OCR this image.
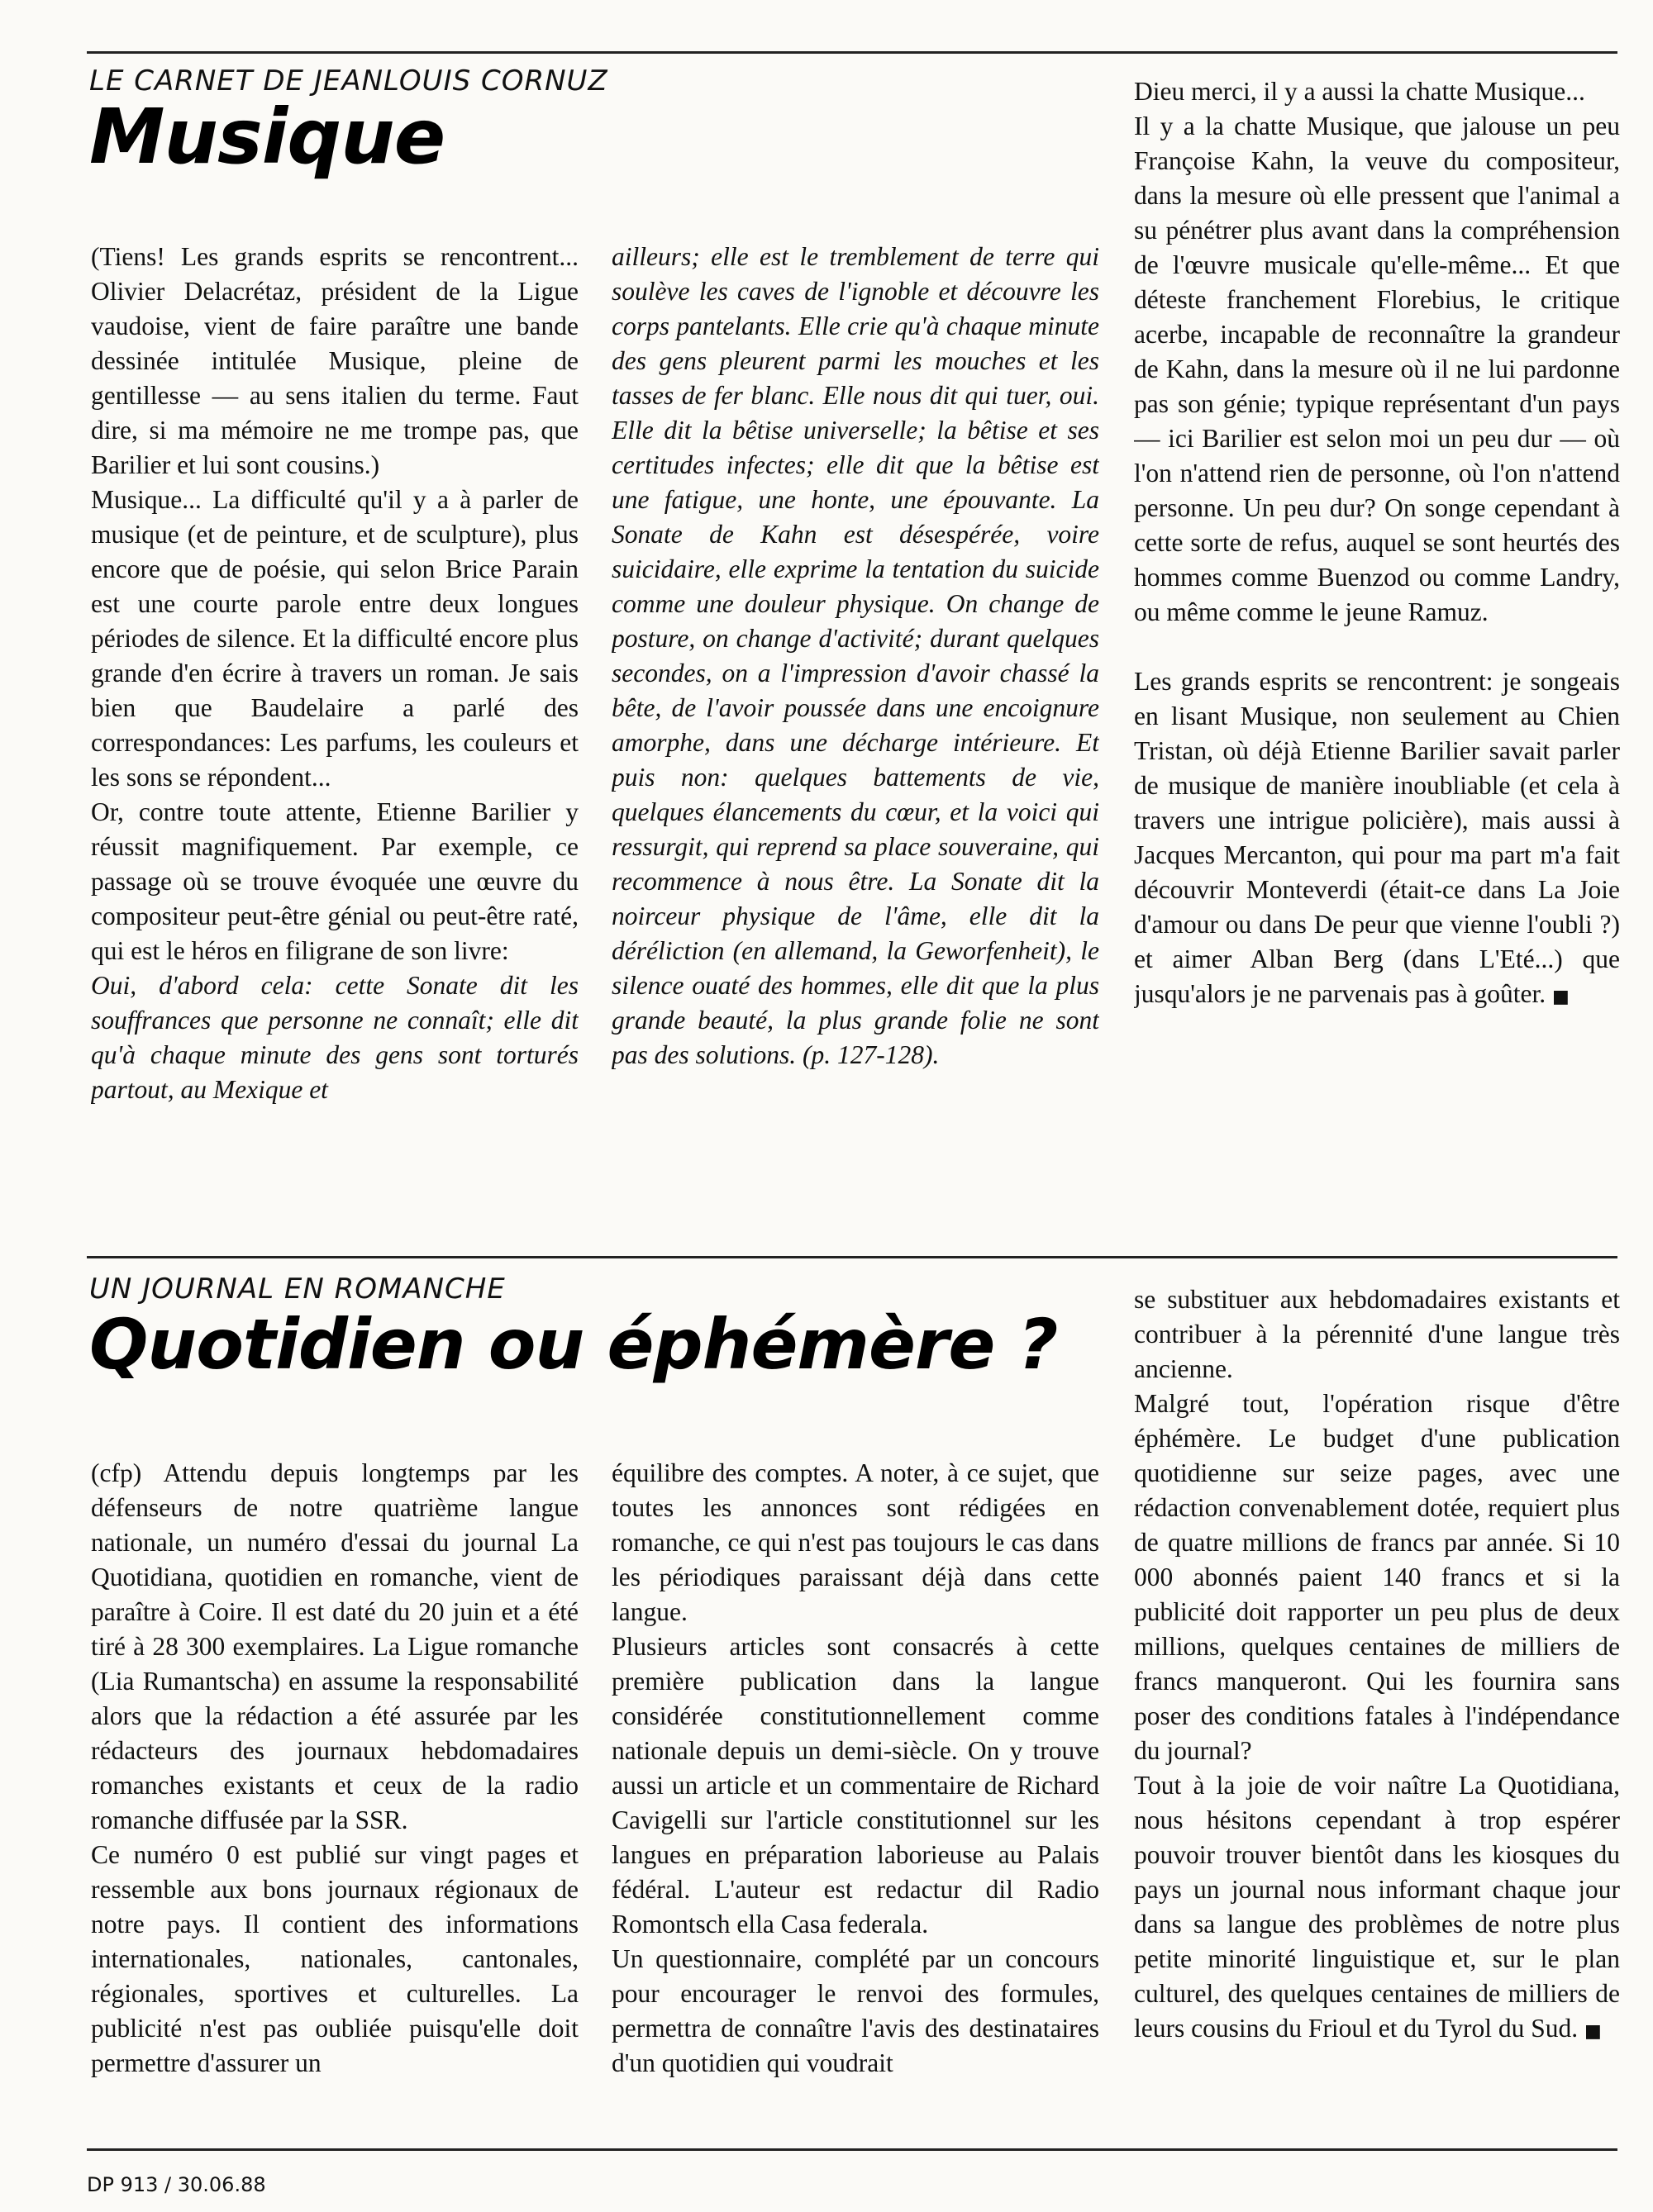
LE CARNET DE JEANLOUIS CORNUZ
Musique

(Tiens! Les grands esprits se rencontrent... Olivier Delacrétaz, président de la Ligue vaudoise, vient de faire paraître une bande dessinée intitulée Musique, pleine de gentillesse — au sens italien du terme. Faut dire, si ma mémoire ne me trompe pas, que Barilier et lui sont cousins.)

Musique... La difficulté qu'il y a à parler de musique (et de peinture, et de sculpture), plus encore que de poésie, qui selon Brice Parain est une courte parole entre deux longues périodes de silence. Et la difficulté encore plus grande d'en écrire à travers un roman. Je sais bien que Baudelaire a parlé des correspondances: Les parfums, les couleurs et les sons se répondent...

Or, contre toute attente, Etienne Barilier y réussit magnifiquement. Par exemple, ce passage où se trouve évoquée une œuvre du compositeur peut-être génial ou peut-être raté, qui est le héros en filigrane de son livre:

Oui, d'abord cela: cette Sonate dit les souffrances que personne ne connaît; elle dit qu'à chaque minute des gens sont torturés partout, au Mexique et

ailleurs; elle est le tremblement de terre qui soulève les caves de l'ignoble et découvre les corps pantelants. Elle crie qu'à chaque minute des gens pleurent parmi les mouches et les tasses de fer blanc. Elle nous dit qui tuer, oui. Elle dit la bêtise universelle; la bêtise et ses certitudes infectes; elle dit que la bêtise est une fatigue, une honte, une épouvante. La Sonate de Kahn est désespérée, voire suicidaire, elle exprime la tentation du suicide comme une douleur physique. On change de posture, on change d'activité; durant quelques secondes, on a l'impression d'avoir chassé la bête, de l'avoir poussée dans une encoignure amorphe, dans une décharge intérieure. Et puis non: quelques battements de vie, quelques élancements du cœur, et la voici qui ressurgit, qui reprend sa place souveraine, qui recommence à nous être. La Sonate dit la noirceur physique de l'âme, elle dit la déréliction (en allemand, la Geworfenheit), le silence ouaté des hommes, elle dit que la plus grande beauté, la plus grande folie ne sont pas des solutions. (p. 127-128).

Dieu merci, il y a aussi la chatte Musique...

Il y a la chatte Musique, que jalouse un peu Françoise Kahn, la veuve du compositeur, dans la mesure où elle pressent que l'animal a su pénétrer plus avant dans la compréhension de l'œuvre musicale qu'elle-même... Et que déteste franchement Florebius, le critique acerbe, incapable de reconnaître la grandeur de Kahn, dans la mesure où il ne lui pardonne pas son génie; typique représentant d'un pays — ici Barilier est selon moi un peu dur — où l'on n'attend rien de personne, où l'on n'attend personne. Un peu dur? On songe cependant à cette sorte de refus, auquel se sont heurtés des hommes comme Buenzod ou comme Landry, ou même comme le jeune Ramuz.

Les grands esprits se rencontrent: je songeais en lisant Musique, non seulement au Chien Tristan, où déjà Etienne Barilier savait parler de musique de manière inoubliable (et cela à travers une intrigue policière), mais aussi à Jacques Mercanton, qui pour ma part m'a fait découvrir Monteverdi (était-ce dans La Joie d'amour ou dans De peur que vienne l'oubli ?) et aimer Alban Berg (dans L'Eté...) que jusqu'alors je ne parvenais pas à goûter. ■

UN JOURNAL EN ROMANCHE
Quotidien ou éphémère ?

(cfp) Attendu depuis longtemps par les défenseurs de notre quatrième langue nationale, un numéro d'essai du journal La Quotidiana, quotidien en romanche, vient de paraître à Coire. Il est daté du 20 juin et a été tiré à 28 300 exemplaires. La Ligue romanche (Lia Rumantscha) en assume la responsabilité alors que la rédaction a été assurée par les rédacteurs des journaux hebdomadaires romanches existants et ceux de la radio romanche diffusée par la SSR.

Ce numéro 0 est publié sur vingt pages et ressemble aux bons journaux régionaux de notre pays. Il contient des informations internationales, nationales, cantonales, régionales, sportives et culturelles. La publicité n'est pas oubliée puisqu'elle doit permettre d'assurer un

équilibre des comptes. A noter, à ce sujet, que toutes les annonces sont rédigées en romanche, ce qui n'est pas toujours le cas dans les périodiques paraissant déjà dans cette langue.

Plusieurs articles sont consacrés à cette première publication dans la langue considérée constitutionnellement comme nationale depuis un demi-siècle. On y trouve aussi un article et un commentaire de Richard Cavigelli sur l'article constitutionnel sur les langues en préparation laborieuse au Palais fédéral. L'auteur est redactur dil Radio Romontsch ella Casa federala.

Un questionnaire, complété par un concours pour encourager le renvoi des formules, permettra de connaître l'avis des destinataires d'un quotidien qui voudrait

se substituer aux hebdomadaires existants et contribuer à la pérennité d'une langue très ancienne.

Malgré tout, l'opération risque d'être éphémère. Le budget d'une publication quotidienne sur seize pages, avec une rédaction convenablement dotée, requiert plus de quatre millions de francs par année. Si 10 000 abonnés paient 140 francs et si la publicité doit rapporter un peu plus de deux millions, quelques centaines de milliers de francs manqueront. Qui les fournira sans poser des conditions fatales à l'indépendance du journal?

Tout à la joie de voir naître La Quotidiana, nous hésitons cependant à trop espérer pouvoir trouver bientôt dans les kiosques du pays un journal nous informant chaque jour dans sa langue des problèmes de notre plus petite minorité linguistique et, sur le plan culturel, des quelques centaines de milliers de leurs cousins du Frioul et du Tyrol du Sud. ■

DP 913 / 30.06.88
